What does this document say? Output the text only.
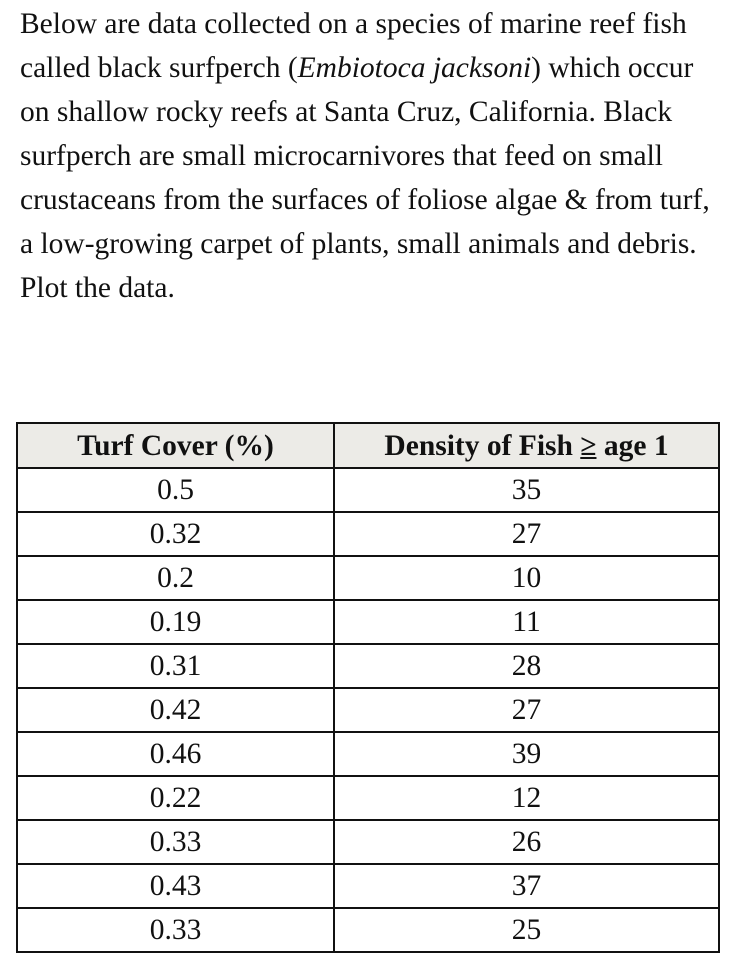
Below are data collected on a species of marine reef fish called black surfperch (Embiotoca jacksoni) which occur on shallow rocky reefs at Santa Cruz, California. Black surfperch are small microcarnivores that feed on small crustaceans from the surfaces of foliose algae & from turf, a low-growing carpet of plants, small animals and debris. Plot the data.

Turf Cover (%)	Density of Fish ≥ age 1
0.5	35
0.32	27
0.2	10
0.19	11
0.31	28
0.42	27
0.46	39
0.22	12
0.33	26
0.43	37
0.33	25
